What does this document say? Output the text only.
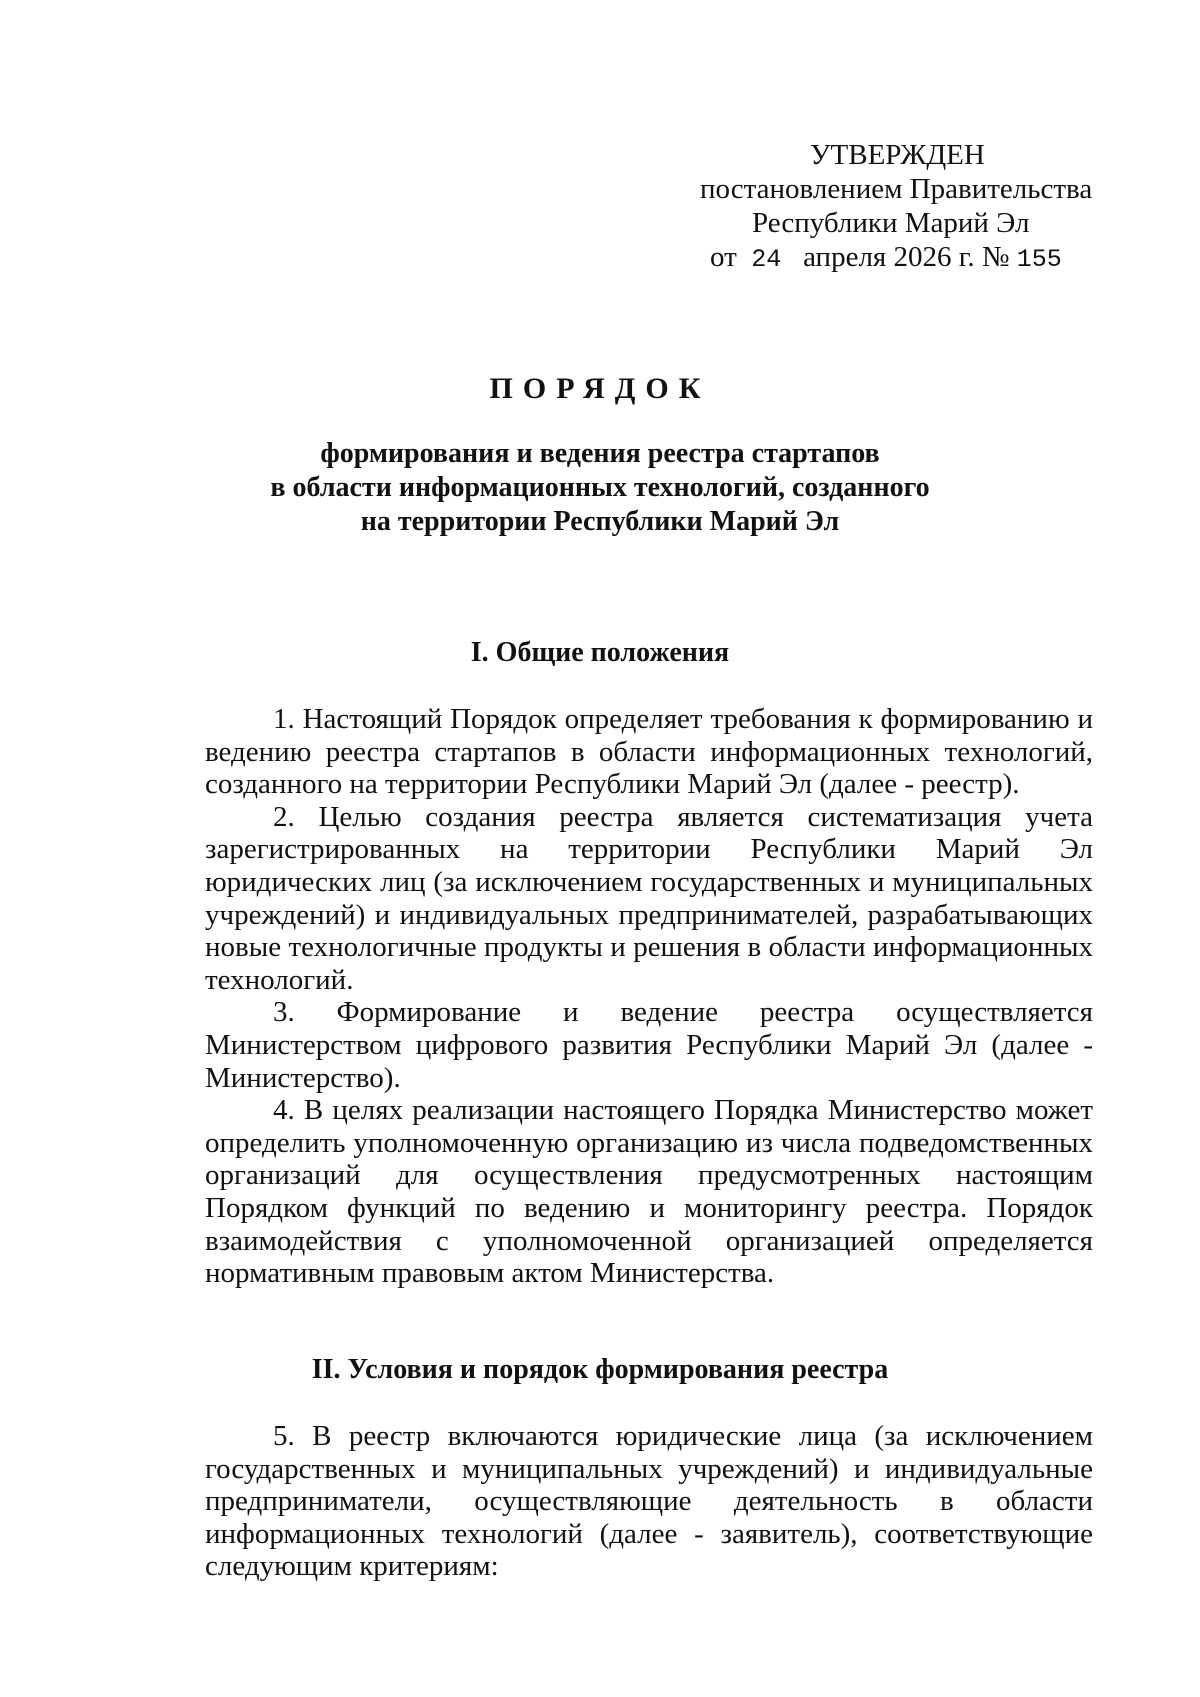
УТВЕРЖДЕН
постановлением Правительства
Республики Марий Эл
от 24 апреля 2026 г. № 155
ПОРЯДОК
формирования и ведения реестра стартапов
в области информационных технологий, созданного
на территории Республики Марий Эл
I. Общие положения

1. Настоящий Порядок определяет требования к формированию и ведению реестра стартапов в области информационных технологий, созданного на территории Республики Марий Эл (далее - реестр).

2. Целью создания реестра является систематизация учета зарегистрированных на территории Республики Марий Эл юридических лиц (за исключением государственных и муниципальных учреждений) и индивидуальных предпринимателей, разрабатывающих новые технологичные продукты и решения в области информационных технологий.

3. Формирование и ведение реестра осуществляется Министерством цифрового развития Республики Марий Эл (далее - Министерство).

4. В целях реализации настоящего Порядка Министерство может определить уполномоченную организацию из числа подведомственных организаций для осуществления предусмотренных настоящим Порядком функций по ведению и мониторингу реестра. Порядок взаимодействия с уполномоченной организацией определяется нормативным правовым актом Министерства.

II. Условия и порядок формирования реестра

5. В реестр включаются юридические лица (за исключением государственных и муниципальных учреждений) и индивидуальные предприниматели, осуществляющие деятельность в области информационных технологий (далее - заявитель), соответствующие следующим критериям:
